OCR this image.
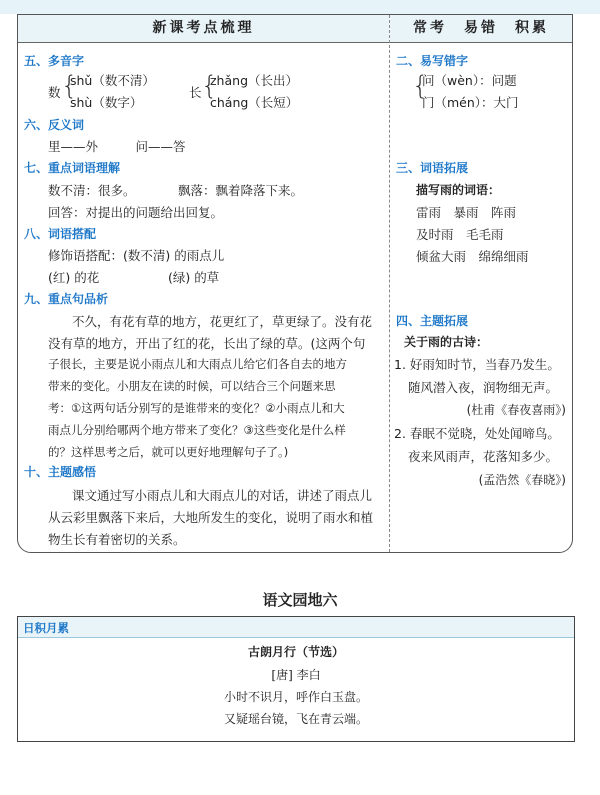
新课考点梳理
五、多音字
数 {
shǔ（数不清）
shù（数字）
长 {
zhǎng（长出）
cháng（长短）
六、反义词
里——外　　　问——答
七、重点词语理解
数不清：很多。	飘落：飘着降落下来。
回答：对提出的问题给出回复。
八、词语搭配
修饰语搭配：(数不清) 的雨点儿
(红) 的花	(绿) 的草
九、重点句品析
不久，有花有草的地方，花更红了，草更绿了。没有花
没有草的地方，开出了红的花，长出了绿的草。(这两个句
子很长，主要是说小雨点儿和大雨点儿给它们各自去的地方
带来的变化。小朋友在读的时候，可以结合三个问题来思
考：①这两句话分别写的是谁带来的变化？②小雨点儿和大
雨点儿分别给哪两个地方带来了变化？③这些变化是什么样
的？这样思考之后，就可以更好地理解句子了。)
十、主题感悟
课文通过写小雨点儿和大雨点儿的对话，讲述了雨点儿
从云彩里飘落下来后，大地所发生的变化，说明了雨水和植
物生长有着密切的关系。
常考　易错　积累
二、易写错字
{
问（wèn）：问题
门（mén）：大门
三、词语拓展
描写雨的词语：
雷雨　暴雨　阵雨
及时雨　毛毛雨
倾盆大雨　绵绵细雨
四、主题拓展
关于雨的古诗：
1. 好雨知时节，当春乃发生。
随风潜入夜，润物细无声。
(杜甫《春夜喜雨》)
2. 春眠不觉晓，处处闻啼鸟。
夜来风雨声，花落知多少。
(孟浩然《春晓》)
语文园地六
日积月累
古朗月行（节选）
[唐] 李白
小时不识月，呼作白玉盘。
又疑瑶台镜，飞在青云端。
